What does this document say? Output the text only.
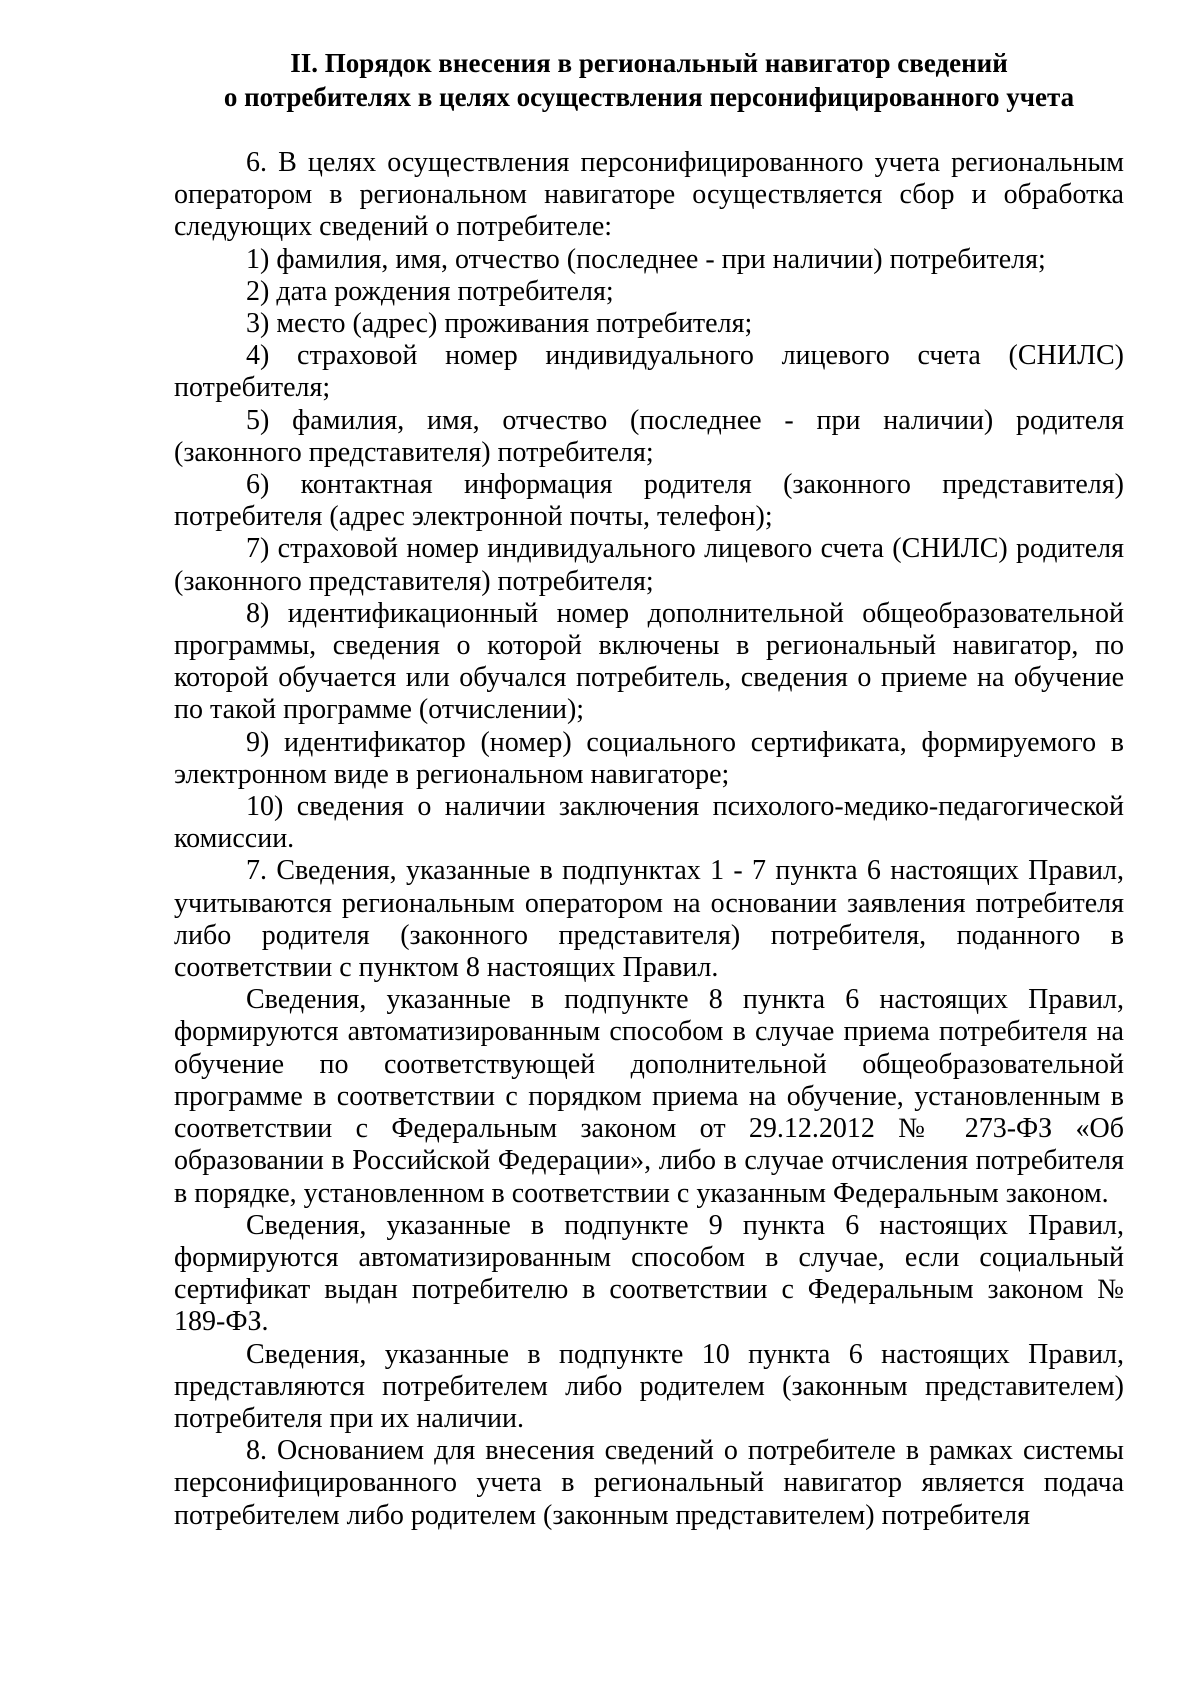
II. Порядок внесения в региональный навигатор сведений
о потребителях в целях осуществления персонифицированного учета

6. В целях осуществления персонифицированного учета региональным оператором в региональном навигаторе осуществляется сбор и обработка следующих сведений о потребителе:

1) фамилия, имя, отчество (последнее - при наличии) потребителя;

2) дата рождения потребителя;

3) место (адрес) проживания потребителя;

4) страховой номер индивидуального лицевого счета (СНИЛС) потребителя;

5) фамилия, имя, отчество (последнее - при наличии) родителя (законного представителя) потребителя;

6) контактная информация родителя (законного представителя) потребителя (адрес электронной почты, телефон);

7) страховой номер индивидуального лицевого счета (СНИЛС) родителя (законного представителя) потребителя;

8) идентификационный номер дополнительной общеобразовательной программы, сведения о которой включены в региональный навигатор, по которой обучается или обучался потребитель, сведения о приеме на обучение по такой программе (отчислении);

9) идентификатор (номер) социального сертификата, формируемого в электронном виде в региональном навигаторе;

10) сведения о наличии заключения психолого-медико-педагогической комиссии.

7. Сведения, указанные в подпунктах 1 - 7 пункта 6 настоящих Правил, учитываются региональным оператором на основании заявления потребителя либо родителя (законного представителя) потребителя, поданного в соответствии с пунктом 8 настоящих Правил.

Сведения, указанные в подпункте 8 пункта 6 настоящих Правил, формируются автоматизированным способом в случае приема потребителя на обучение по соответствующей дополнительной общеобразовательной программе в соответствии с порядком приема на обучение, установленным в соответствии с Федеральным законом от 29.12.2012 № 273-ФЗ «Об образовании в Российской Федерации», либо в случае отчисления потребителя в порядке, установленном в соответствии с указанным Федеральным законом.

Сведения, указанные в подпункте 9 пункта 6 настоящих Правил, формируются автоматизированным способом в случае, если социальный сертификат выдан потребителю в соответствии с Федеральным законом № 189-ФЗ.

Сведения, указанные в подпункте 10 пункта 6 настоящих Правил, представляются потребителем либо родителем (законным представителем) потребителя при их наличии.

8. Основанием для внесения сведений о потребителе в рамках системы персонифицированного учета в региональный навигатор является подача потребителем либо родителем (законным представителем) потребителя
